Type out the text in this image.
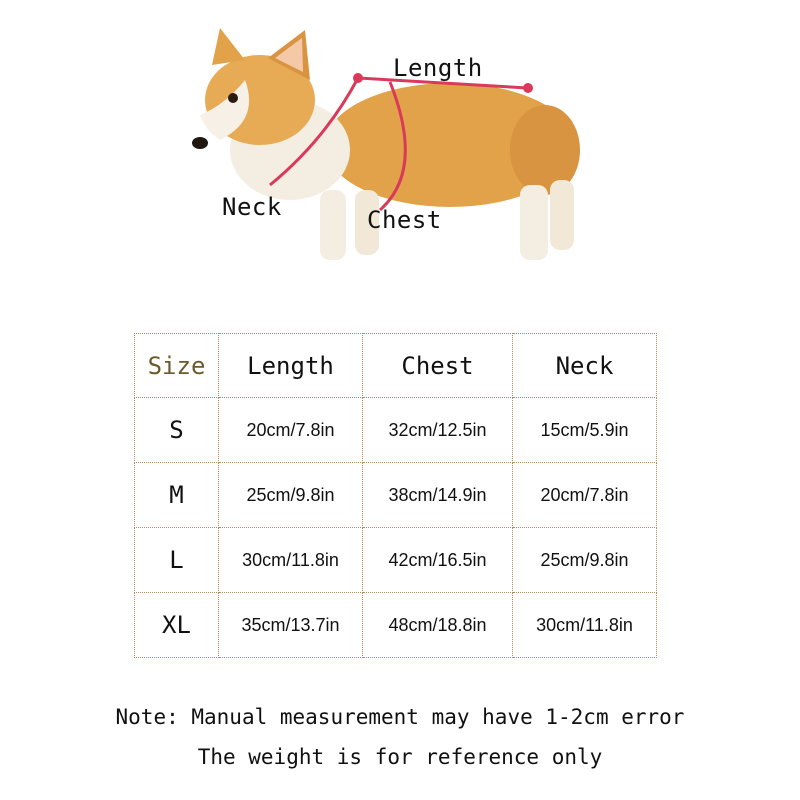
Length
Neck	Chest
Size	Length	Chest	Neck
S	20cm/7.8in	32cm/12.5in	15cm/5.9in
M	25cm/9.8in	38cm/14.9in	20cm/7.8in
L	30cm/11.8in	42cm/16.5in	25cm/9.8in
XL	35cm/13.7in	48cm/18.8in	30cm/11.8in
Note: Manual measurement may have 1-2cm error
The weight is for reference only
